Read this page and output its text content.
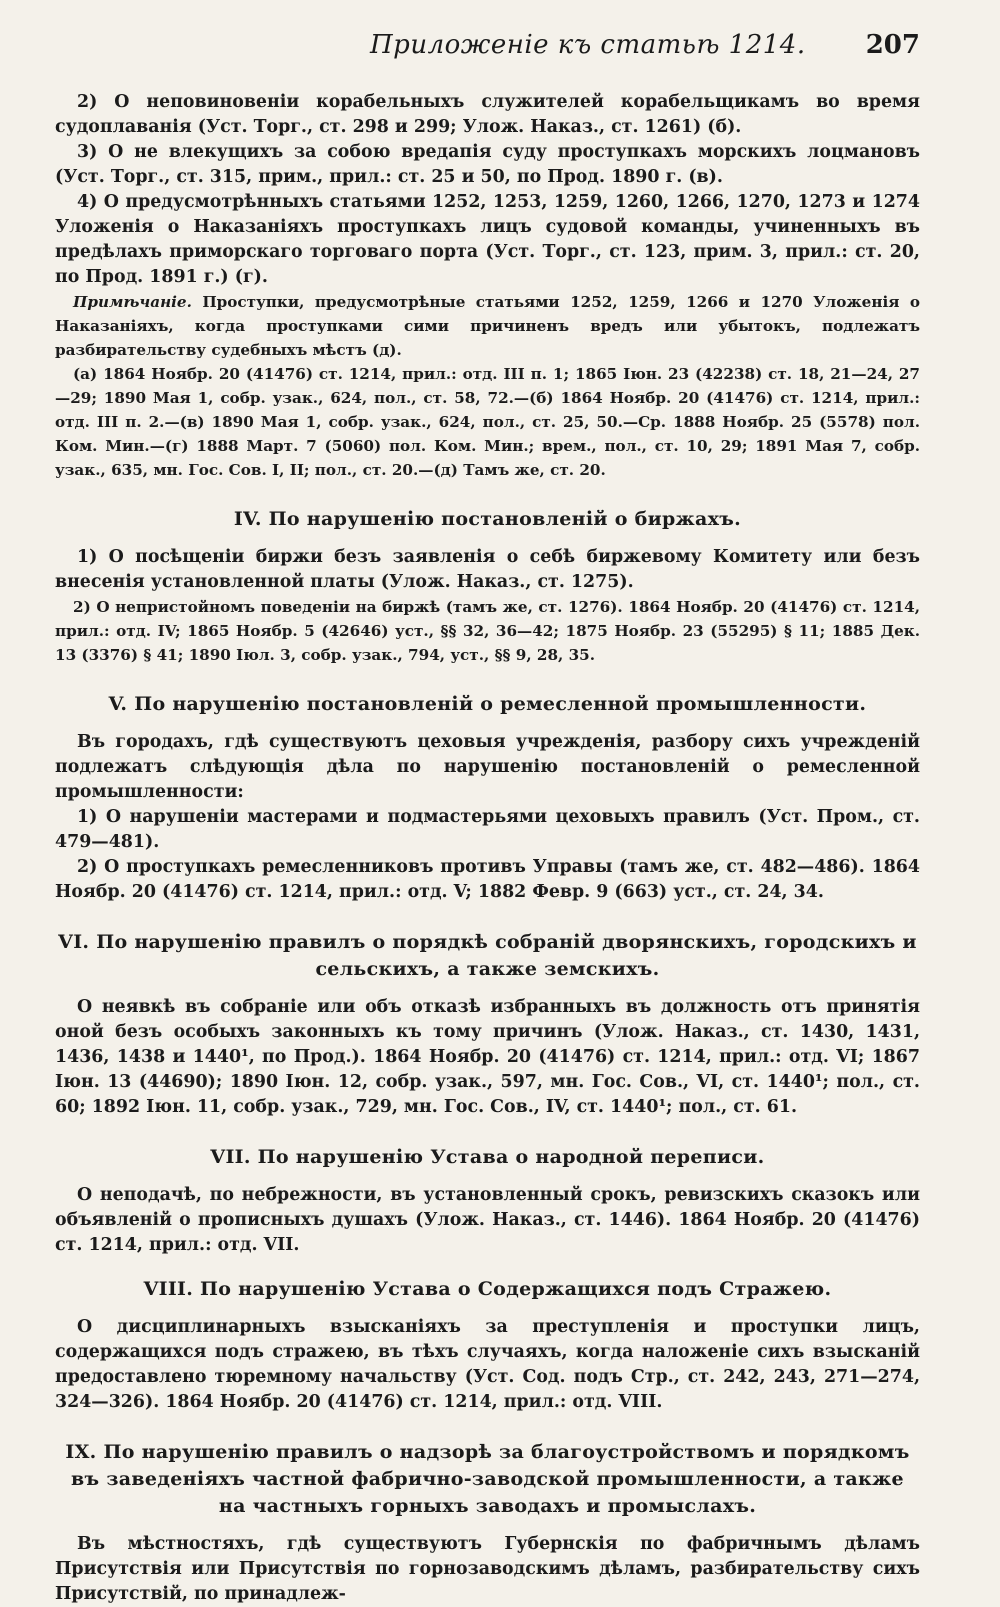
Приложеніе къ статьѣ 1214. 207

2) О неповиновеніи корабельныхъ служителей корабельщикамъ во время судоплаванія (Уст. Торг., ст. 298 и 299; Улож. Наказ., ст. 1261) (б).

3) О не влекущихъ за собою вредапія суду проступкахъ морскихъ лоцмановъ (Уст. Торг., ст. 315, прим., прил.: ст. 25 и 50, по Прод. 1890 г. (в).

4) О предусмотрѣнныхъ статьями 1252, 1253, 1259, 1260, 1266, 1270, 1273 и 1274 Уложенія о Наказаніяхъ проступкахъ лицъ судовой команды, учиненныхъ въ предѣлахъ приморскаго торговаго порта (Уст. Торг., ст. 123, прим. 3, прил.: ст. 20, по Прод. 1891 г.) (г).

Примѣчаніе. Проступки, предусмотрѣные статьями 1252, 1259, 1266 и 1270 Уложенія о Наказаніяхъ, когда проступками сими причиненъ вредъ или убытокъ, подлежатъ разбирательству судебныхъ мѣстъ (д).

(а) 1864 Ноябр. 20 (41476) ст. 1214, прил.: отд. III п. 1; 1865 Іюн. 23 (42238) ст. 18, 21—24, 27—29; 1890 Мая 1, собр. узак., 624, пол., ст. 58, 72.—(б) 1864 Ноябр. 20 (41476) ст. 1214, прил.: отд. III п. 2.—(в) 1890 Мая 1, собр. узак., 624, пол., ст. 25, 50.—Ср. 1888 Ноябр. 25 (5578) пол. Ком. Мин.—(г) 1888 Март. 7 (5060) пол. Ком. Мин.; врем., пол., ст. 10, 29; 1891 Мая 7, собр. узак., 635, мн. Гос. Сов. I, II; пол., ст. 20.—(д) Тамъ же, ст. 20.

IV. По нарушенію постановленій о биржахъ.

1) О посѣщеніи биржи безъ заявленія о себѣ биржевому Комитету или безъ внесенія установленной платы (Улож. Наказ., ст. 1275).

2) О непристойномъ поведеніи на биржѣ (тамъ же, ст. 1276). 1864 Ноябр. 20 (41476) ст. 1214, прил.: отд. IV; 1865 Ноябр. 5 (42646) уст., §§ 32, 36—42; 1875 Ноябр. 23 (55295) § 11; 1885 Дек. 13 (3376) § 41; 1890 Іюл. 3, собр. узак., 794, уст., §§ 9, 28, 35.

V. По нарушенію постановленій о ремесленной промышленности.

Въ городахъ, гдѣ существуютъ цеховыя учрежденія, разбору сихъ учрежденій подлежатъ слѣдующія дѣла по нарушенію постановленій о ремесленной промышленности:

1) О нарушеніи мастерами и подмастерьями цеховыхъ правилъ (Уст. Пром., ст. 479—481).

2) О проступкахъ ремесленниковъ противъ Управы (тамъ же, ст. 482—486). 1864 Ноябр. 20 (41476) ст. 1214, прил.: отд. V; 1882 Февр. 9 (663) уст., ст. 24, 34.

VI. По нарушенію правилъ о порядкѣ собраній дворянскихъ, городскихъ и сельскихъ, а также земскихъ.

О неявкѣ въ собраніе или объ отказѣ избранныхъ въ должность отъ принятія оной безъ особыхъ законныхъ къ тому причинъ (Улож. Наказ., ст. 1430, 1431, 1436, 1438 и 1440¹, по Прод.). 1864 Ноябр. 20 (41476) ст. 1214, прил.: отд. VI; 1867 Іюн. 13 (44690); 1890 Іюн. 12, собр. узак., 597, мн. Гос. Сов., VI, ст. 1440¹; пол., ст. 60; 1892 Іюн. 11, собр. узак., 729, мн. Гос. Сов., IV, ст. 1440¹; пол., ст. 61.

VII. По нарушенію Устава о народной переписи.

О неподачѣ, по небрежности, въ установленный срокъ, ревизскихъ сказокъ или объявленій о прописныхъ душахъ (Улож. Наказ., ст. 1446). 1864 Ноябр. 20 (41476) ст. 1214, прил.: отд. VII.

VIII. По нарушенію Устава о Содержащихся подъ Стражею.

О дисциплинарныхъ взысканіяхъ за преступленія и проступки лицъ, содержащихся подъ стражею, въ тѣхъ случаяхъ, когда наложеніе сихъ взысканій предоставлено тюремному начальству (Уст. Сод. подъ Стр., ст. 242, 243, 271—274, 324—326). 1864 Ноябр. 20 (41476) ст. 1214, прил.: отд. VIII.

IX. По нарушенію правилъ о надзорѣ за благоустройствомъ и порядкомъ въ заведеніяхъ частной фабрично-заводской промышленности, а также на частныхъ горныхъ заводахъ и промыслахъ.

Въ мѣстностяхъ, гдѣ существуютъ Губернскія по фабричнымъ дѣламъ Присутствія или Присутствія по горнозаводскимъ дѣламъ, разбирательству сихъ Присутствій, по принадлеж-
